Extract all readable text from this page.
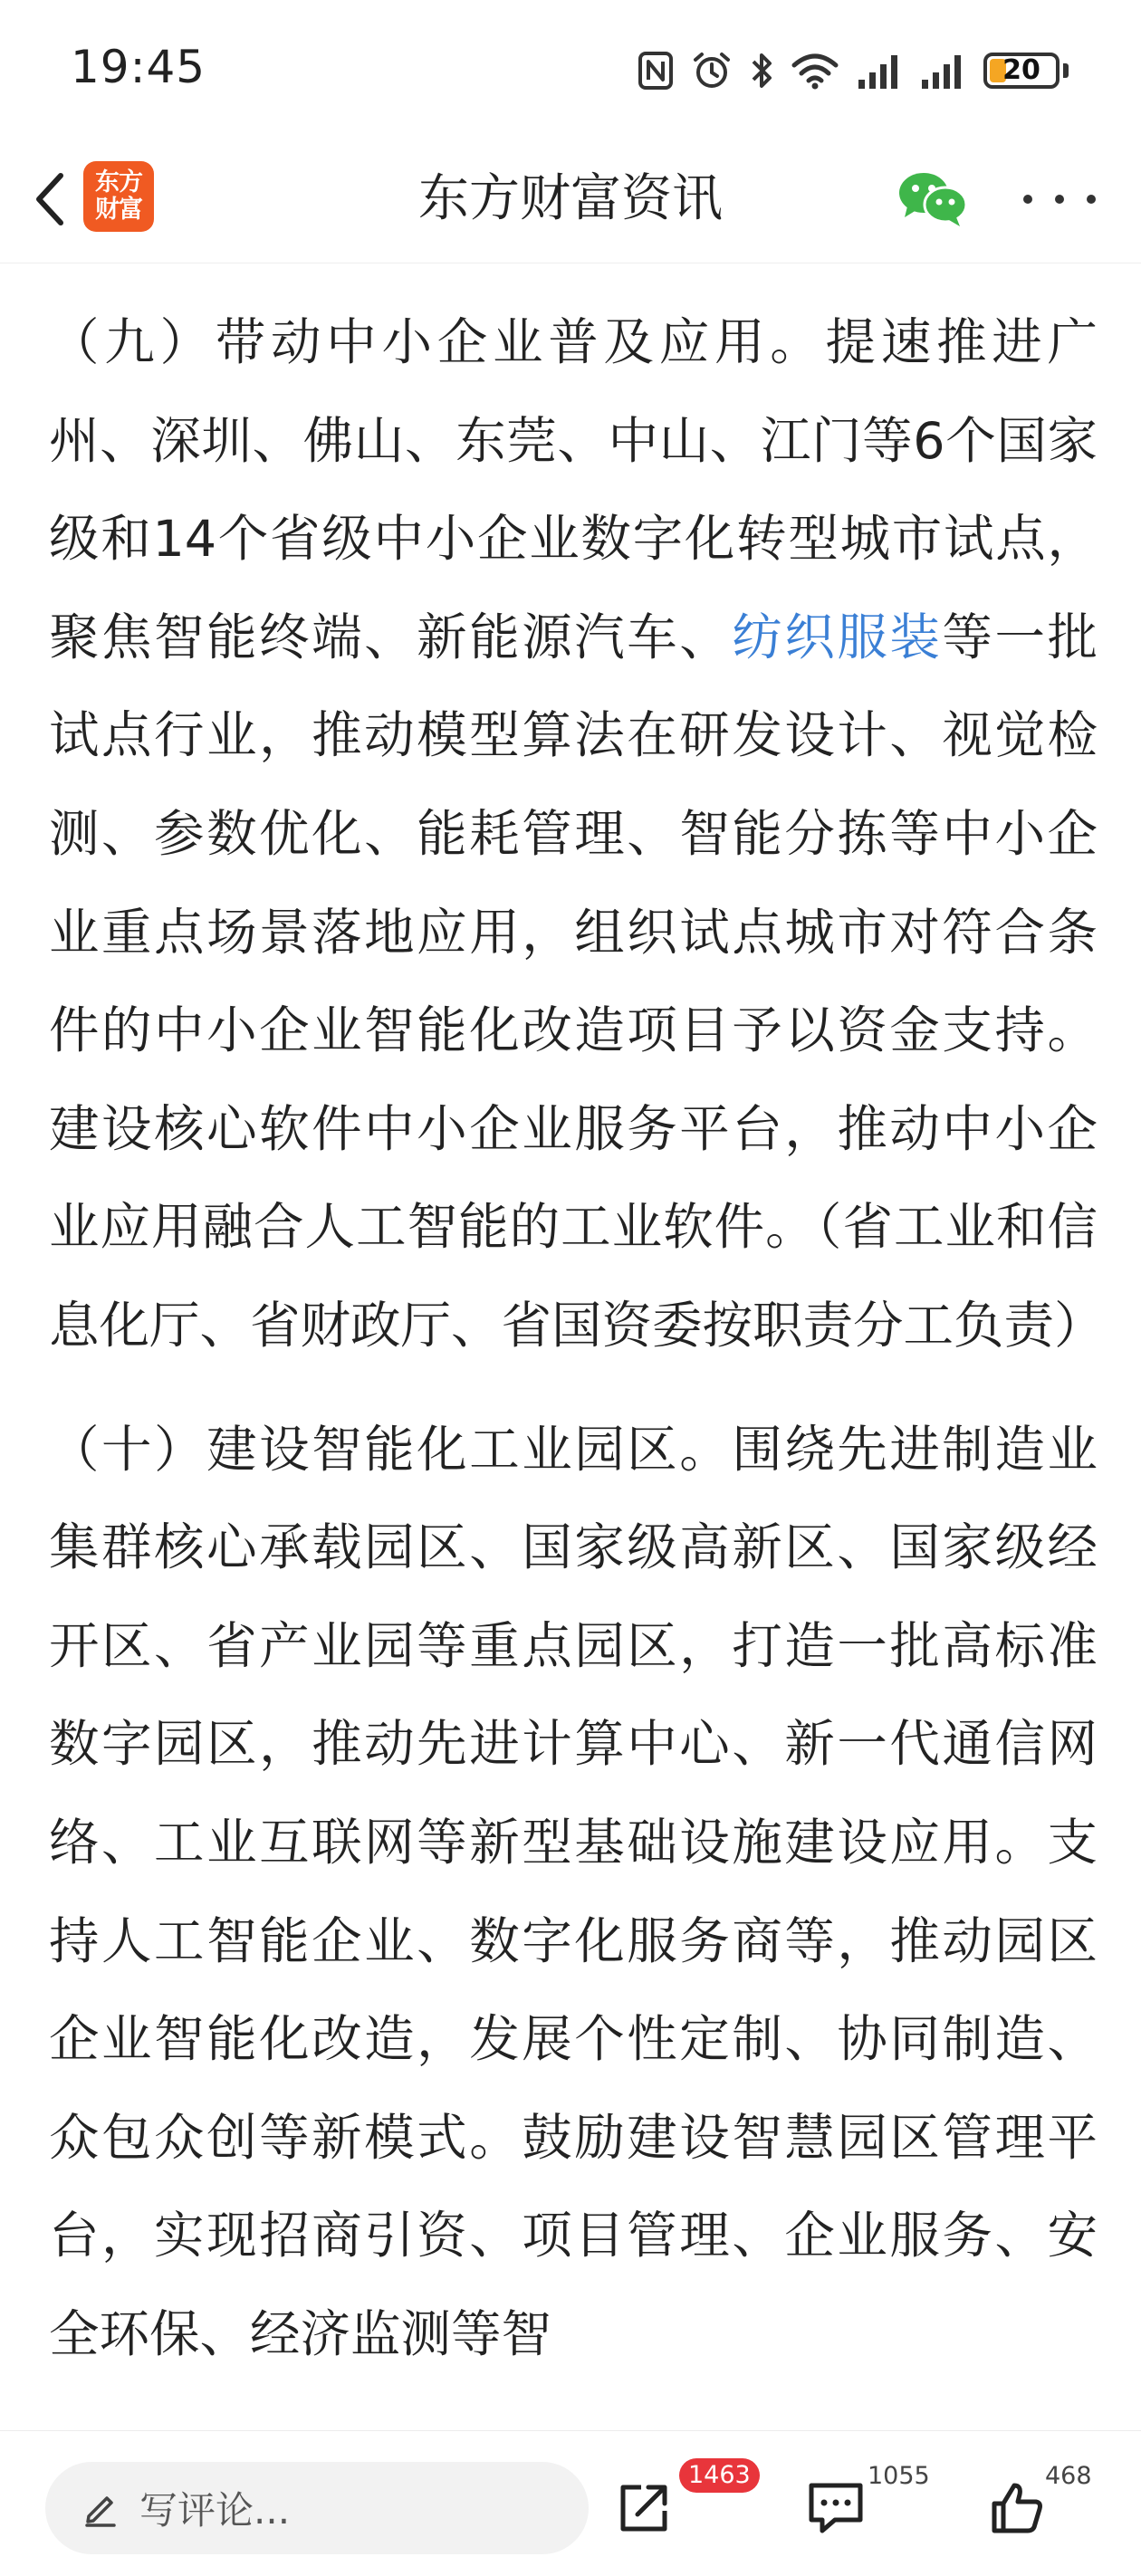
19:45	20
东方
财富	东方财富资讯

（九）带动中小企业普及应用。提速推进广州、深圳、佛山、东莞、中山、江门等6个国家级和14个省级中小企业数字化转型城市试点，聚焦智能终端、新能源汽车、纺织服装等一批试点行业，推动模型算法在研发设计、视觉检测、参数优化、能耗管理、智能分拣等中小企业重点场景落地应用，组织试点城市对符合条件的中小企业智能化改造项目予以资金支持。建设核心软件中小企业服务平台，推动中小企业应用融合人工智能的工业软件。（省工业和信息化厅、省财政厅、省国资委按职责分工负责）

（十）建设智能化工业园区。围绕先进制造业集群核心承载园区、国家级高新区、国家级经开区、省产业园等重点园区，打造一批高标准数字园区，推动先进计算中心、新一代通信网络、工业互联网等新型基础设施建设应用。支持人工智能企业、数字化服务商等，推动园区企业智能化改造，发展个性定制、协同制造、众包众创等新模式。鼓励建设智慧园区管理平台，实现招商引资、项目管理、企业服务、安全环保、经济监测等智

写评论...
1463	1055	468
